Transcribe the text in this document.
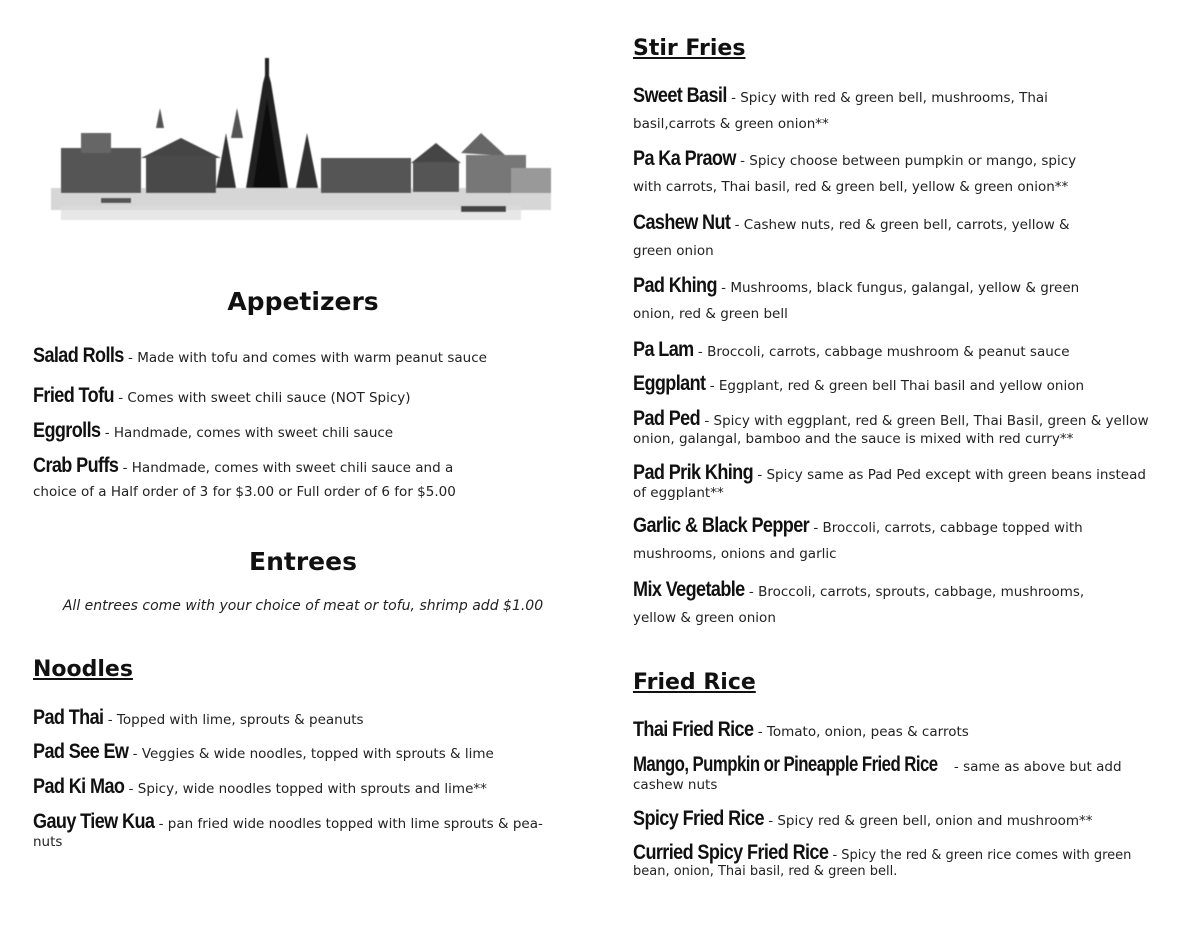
Appetizers
Salad Rolls - Made with tofu and comes with warm peanut sauce
Fried Tofu - Comes with sweet chili sauce (NOT Spicy)
Eggrolls - Handmade, comes with sweet chili sauce
Crab Puffs - Handmade, comes with sweet chili sauce and a
choice of a Half order of 3 for $3.00 or Full order of 6 for $5.00
Entrees
All entrees come with your choice of meat or tofu, shrimp add $1.00
Noodles
Pad Thai - Topped with lime, sprouts & peanuts
Pad See Ew - Veggies & wide noodles, topped with sprouts & lime
Pad Ki Mao - Spicy, wide noodles topped with sprouts and lime**
Gauy Tiew Kua - pan fried wide noodles topped with lime sprouts & pea-
nuts
Stir Fries
Sweet Basil - Spicy with red & green bell, mushrooms, Thai
basil,carrots & green onion**
Pa Ka Praow - Spicy choose between pumpkin or mango, spicy
with carrots, Thai basil, red & green bell, yellow & green onion**
Cashew Nut - Cashew nuts, red & green bell, carrots, yellow &
green onion
Pad Khing - Mushrooms, black fungus, galangal, yellow & green
onion, red & green bell
Pa Lam - Broccoli, carrots, cabbage mushroom & peanut sauce
Eggplant - Eggplant, red & green bell Thai basil and yellow onion
Pad Ped - Spicy with eggplant, red & green Bell, Thai Basil, green & yellow
onion, galangal, bamboo and the sauce is mixed with red curry**
Pad Prik Khing - Spicy same as Pad Ped except with green beans instead
of eggplant**
Garlic & Black Pepper - Broccoli, carrots, cabbage topped with
mushrooms, onions and garlic
Mix Vegetable - Broccoli, carrots, sprouts, cabbage, mushrooms,
yellow & green onion
Fried Rice
Thai Fried Rice - Tomato, onion, peas & carrots
Mango, Pumpkin or Pineapple Fried Rice - same as above but add
cashew nuts
Spicy Fried Rice - Spicy red & green bell, onion and mushroom**
Curried Spicy Fried Rice - Spicy the red & green rice comes with green
bean, onion, Thai basil, red & green bell.
